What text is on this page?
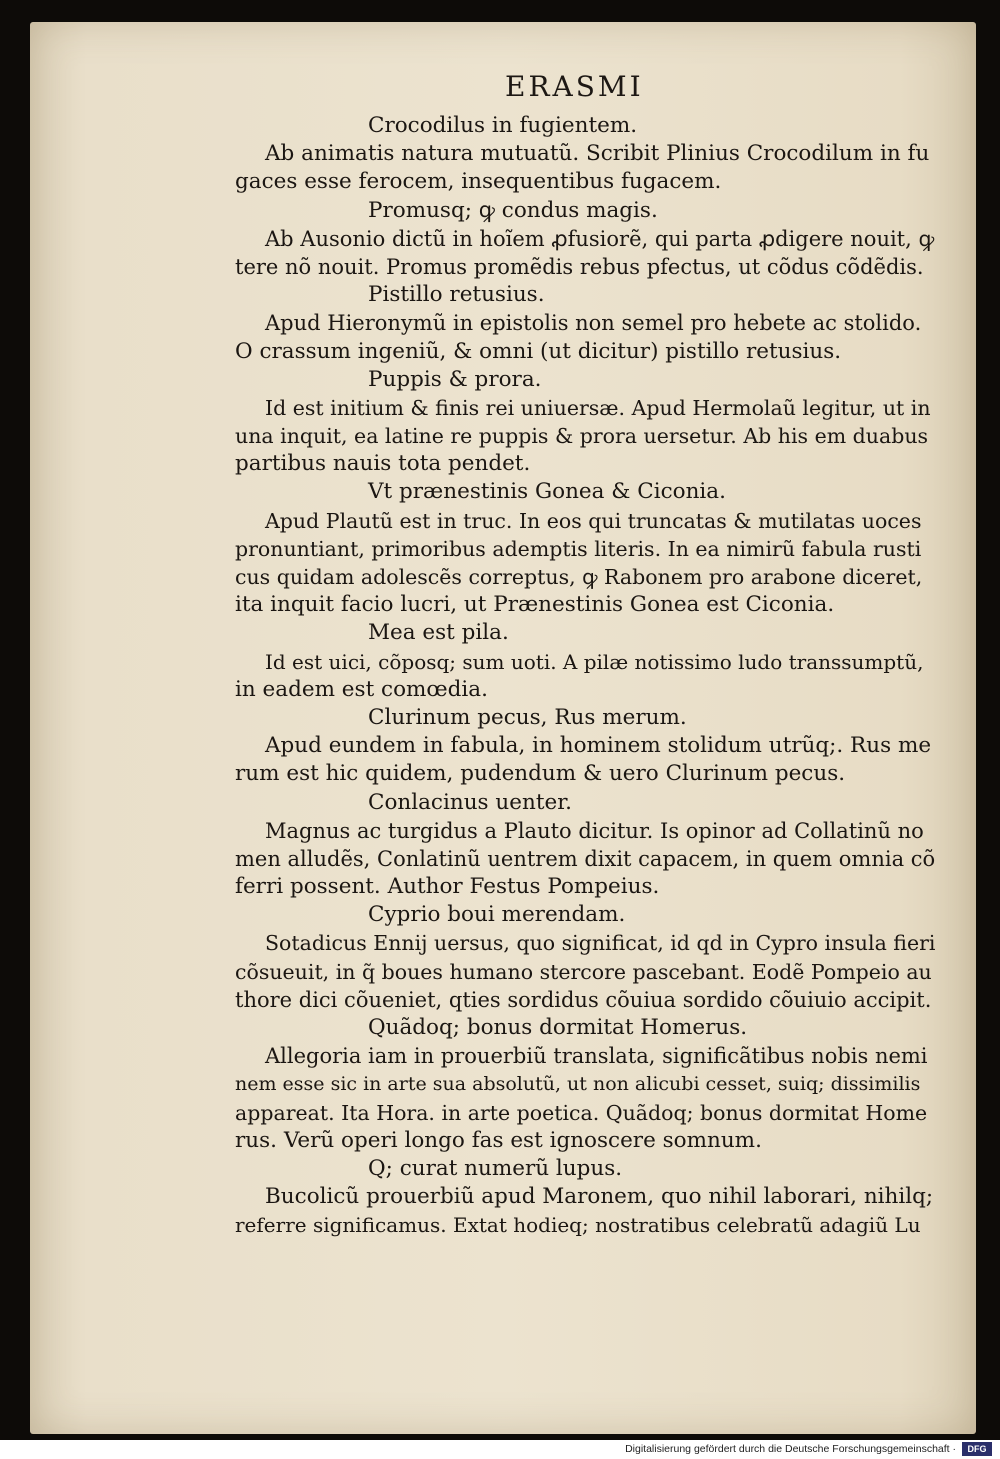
ERASMI
Crocodilus in fugientem.
Ab animatis natura mutuatũ. Scribit Plinius Crocodilum in fu
gaces esse ferocem, insequentibus fugacem.
Promusq; ꝙ condus magis.
Ab Ausonio dictũ in hoĩem ꝓfusiorẽ, qui parta ꝓdigere nouit, ꝙ
tere nõ nouit. Promus promẽdis rebus pfectus, ut cõdus cõdẽdis.
Pistillo retusius.
Apud Hieronymũ in epistolis non semel pro hebete ac stolido.
O crassum ingeniũ, & omni (ut dicitur) pistillo retusius.
Puppis & prora.
Id est initium & finis rei uniuersæ. Apud Hermolaũ legitur, ut in
una inquit, ea latine re puppis & prora uersetur. Ab his em duabus
partibus nauis tota pendet.
Vt prænestinis Gonea & Ciconia.
Apud Plautũ est in truc. In eos qui truncatas & mutilatas uoces
pronuntiant, primoribus ademptis literis. In ea nimirũ fabula rusti
cus quidam adolescẽs correptus, ꝙ Rabonem pro arabone diceret,
ita inquit facio lucri, ut Prænestinis Gonea est Ciconia.
Mea est pila.
Id est uici, cõposq; sum uoti. A pilæ notissimo ludo transsumptũ,
in eadem est comœdia.
Clurinum pecus, Rus merum.
Apud eundem in fabula, in hominem stolidum utrũq;. Rus me
rum est hic quidem, pudendum & uero Clurinum pecus.
Conlacinus uenter.
Magnus ac turgidus a Plauto dicitur. Is opinor ad Collatinũ no
men alludẽs, Conlatinũ uentrem dixit capacem, in quem omnia cõ
ferri possent. Author Festus Pompeius.
Cyprio boui merendam.
Sotadicus Ennij uersus, quo significat, id qd in Cypro insula fieri
cõsueuit, in q̃ boues humano stercore pascebant. Eodẽ Pompeio au
thore dici cõueniet, qties sordidus cõuiua sordido cõuiuio accipit.
Quãdoq; bonus dormitat Homerus.
Allegoria iam in prouerbiũ translata, significãtibus nobis nemi
nem esse sic in arte sua absolutũ, ut non alicubi cesset, suiq; dissimilis
appareat. Ita Hora. in arte poetica. Quãdoq; bonus dormitat Home
rus. Verũ operi longo fas est ignoscere somnum.
Q; curat numerũ lupus.
Bucolicũ prouerbiũ apud Maronem, quo nihil laborari, nihilq;
referre significamus. Extat hodieq; nostratibus celebratũ adagiũ Lu
Digitalisierung gefördert durch die Deutsche Forschungsgemeinschaft ·	DFG
